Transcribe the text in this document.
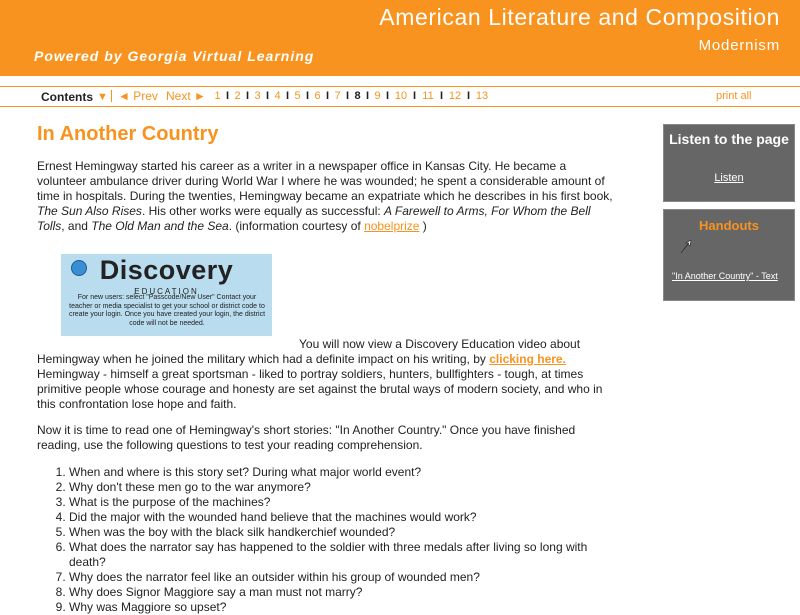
American Literature and Composition
Modernism
Powered by Georgia Virtual Learning
Contents ▼ ◄ Prev Next ► 1 I 2 I 3 I 4 I 5 I 6 I 7 I 8 I 9 I 10 I 11 I 12 I 13	print all
In Another Country

Ernest Hemingway started his career as a writer in a newspaper office in Kansas City. He became a volunteer ambulance driver during World War I where he was wounded; he spent a considerable amount of time in hospitals. During the twenties, Hemingway became an expatriate which he describes in his first book, The Sun Also Rises. His other works were equally as successful: A Farewell to Arms, For Whom the Bell Tolls, and The Old Man and the Sea. (information courtesy of nobelprize )

Discovery
EDUCATION
For new users: select "Passcode/New User" Contact your teacher or media specialist to get your school or district code to create your login. Once you have created your login, the district code will not be needed.

You will now view a Discovery Education video about Hemingway when he joined the military which had a definite impact on his writing, by clicking here. Hemingway - himself a great sportsman - liked to portray soldiers, hunters, bullfighters - tough, at times primitive people whose courage and honesty are set against the brutal ways of modern society, and who in this confrontation lose hope and faith.

Now it is time to read one of Hemingway's short stories: "In Another Country." Once you have finished reading, use the following questions to test your reading comprehension.

1. When and where is this story set? During what major world event?
2. Why don't these men go to the war anymore?
3. What is the purpose of the machines?
4. Did the major with the wounded hand believe that the machines would work?
5. When was the boy with the black silk handkerchief wounded?
6. What does the narrator say has happened to the soldier with three medals after living so long with death?
7. Why does the narrator feel like an outsider within his group of wounded men?
8. Why does Signor Maggiore say a man must not marry?
9. Why was Maggiore so upset?
Listen to the page
Listen
Handouts
"In Another Country" - Text
